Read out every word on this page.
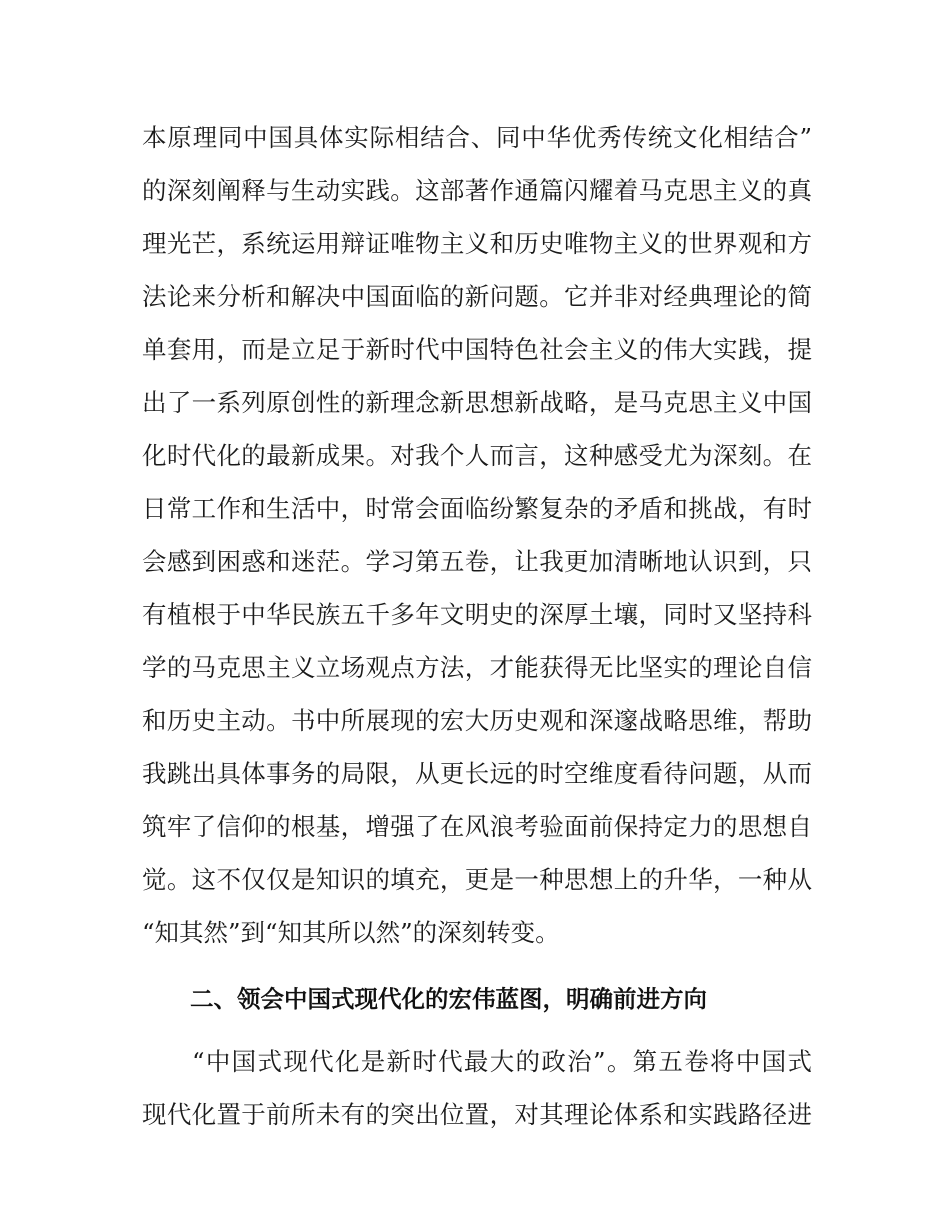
本原理同中国具体实际相结合、同中华优秀传统文化相结合”
的深刻阐释与生动实践。这部著作通篇闪耀着马克思主义的真
理光芒，系统运用辩证唯物主义和历史唯物主义的世界观和方
法论来分析和解决中国面临的新问题。它并非对经典理论的简
单套用，而是立足于新时代中国特色社会主义的伟大实践，提
出了一系列原创性的新理念新思想新战略，是马克思主义中国
化时代化的最新成果。对我个人而言，这种感受尤为深刻。在
日常工作和生活中，时常会面临纷繁复杂的矛盾和挑战，有时
会感到困惑和迷茫。学习第五卷，让我更加清晰地认识到，只
有植根于中华民族五千多年文明史的深厚土壤，同时又坚持科
学的马克思主义立场观点方法，才能获得无比坚实的理论自信
和历史主动。书中所展现的宏大历史观和深邃战略思维，帮助
我跳出具体事务的局限，从更长远的时空维度看待问题，从而
筑牢了信仰的根基，增强了在风浪考验面前保持定力的思想自
觉。这不仅仅是知识的填充，更是一种思想上的升华，一种从
“知其然”到“知其所以然”的深刻转变。
二、领会中国式现代化的宏伟蓝图，明确前进方向
“中国式现代化是新时代最大的政治”。第五卷将中国式
现代化置于前所未有的突出位置，对其理论体系和实践路径进
